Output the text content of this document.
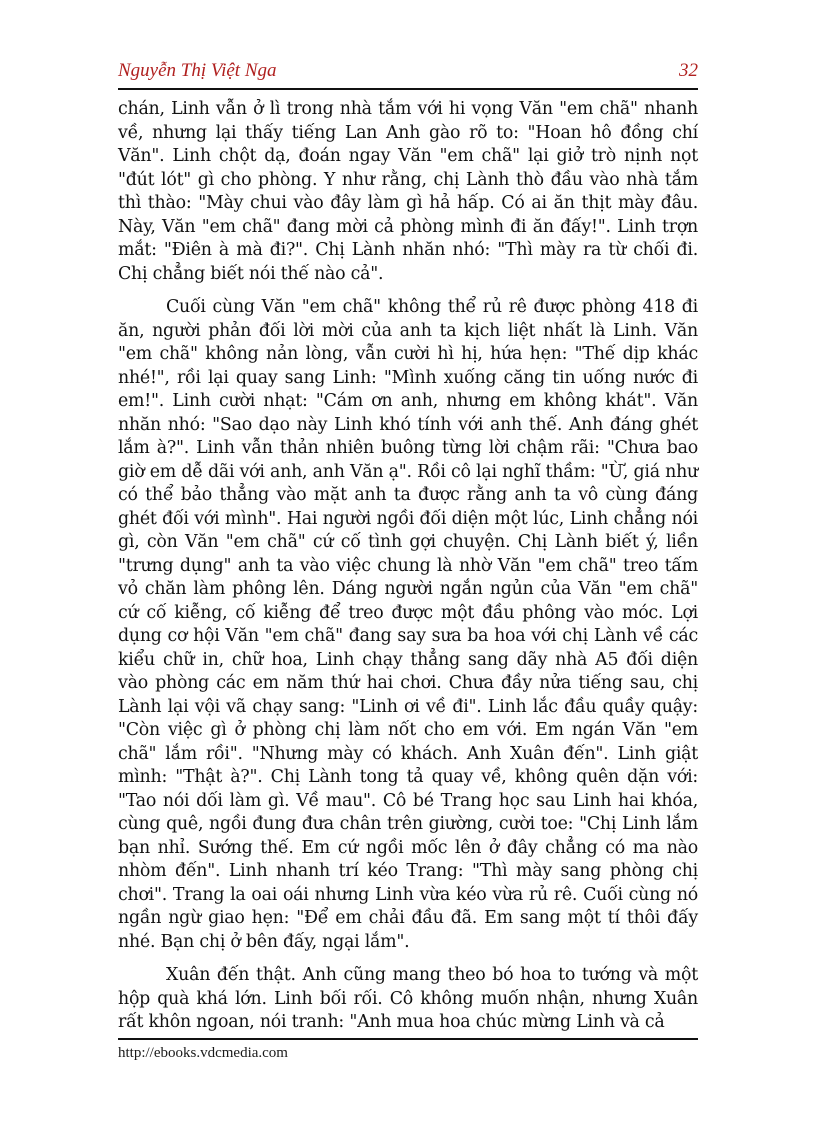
Nguyễn Thị Việt Nga	32

chán, Linh vẫn ở lì trong nhà tắm với hi vọng Văn "em chã" nhanh về, nhưng lại thấy tiếng Lan Anh gào rõ to: "Hoan hô đồng chí Văn". Linh chột dạ, đoán ngay Văn "em chã" lại giở trò nịnh nọt "đút lót" gì cho phòng. Y như rằng, chị Lành thò đầu vào nhà tắm thì thào: "Mày chui vào đây làm gì hả hấp. Có ai ăn thịt mày đâu. Này, Văn "em chã" đang mời cả phòng mình đi ăn đấy!". Linh trợn mắt: "Điên à mà đi?". Chị Lành nhăn nhó: "Thì mày ra từ chối đi. Chị chẳng biết nói thế nào cả".

Cuối cùng Văn "em chã" không thể rủ rê được phòng 418 đi ăn, người phản đối lời mời của anh ta kịch liệt nhất là Linh. Văn "em chã" không nản lòng, vẫn cười hì hị, hứa hẹn: "Thế dịp khác nhé!", rồi lại quay sang Linh: "Mình xuống căng tin uống nước đi em!". Linh cười nhạt: "Cám ơn anh, nhưng em không khát". Văn nhăn nhó: "Sao dạo này Linh khó tính với anh thế. Anh đáng ghét lắm à?". Linh vẫn thản nhiên buông từng lời chậm rãi: "Chưa bao giờ em dễ dãi với anh, anh Văn ạ". Rồi cô lại nghĩ thầm: "Ừ, giá như có thể bảo thẳng vào mặt anh ta được rằng anh ta vô cùng đáng ghét đối với mình". Hai người ngồi đối diện một lúc, Linh chẳng nói gì, còn Văn "em chã" cứ cố tình gợi chuyện. Chị Lành biết ý, liền "trưng dụng" anh ta vào việc chung là nhờ Văn "em chã" treo tấm vỏ chăn làm phông lên. Dáng người ngắn ngủn của Văn "em chã" cứ cố kiễng, cố kiễng để treo được một đầu phông vào móc. Lợi dụng cơ hội Văn "em chã" đang say sưa ba hoa với chị Lành về các kiểu chữ in, chữ hoa, Linh chạy thẳng sang dãy nhà A5 đối diện vào phòng các em năm thứ hai chơi. Chưa đầy nửa tiếng sau, chị Lành lại vội vã chạy sang: "Linh ơi về đi". Linh lắc đầu quầy quậy: "Còn việc gì ở phòng chị làm nốt cho em với. Em ngán Văn "em chã" lắm rồi". "Nhưng mày có khách. Anh Xuân đến". Linh giật mình: "Thật à?". Chị Lành tong tả quay về, không quên dặn với: "Tao nói dối làm gì. Về mau". Cô bé Trang học sau Linh hai khóa, cùng quê, ngồi đung đưa chân trên giường, cười toe: "Chị Linh lắm bạn nhỉ. Sướng thế. Em cứ ngồi mốc lên ở đây chẳng có ma nào nhòm đến". Linh nhanh trí kéo Trang: "Thì mày sang phòng chị chơi". Trang la oai oái nhưng Linh vừa kéo vừa rủ rê. Cuối cùng nó ngần ngừ giao hẹn: "Để em chải đầu đã. Em sang một tí thôi đấy nhé. Bạn chị ở bên đấy, ngại lắm".

Xuân đến thật. Anh cũng mang theo bó hoa to tướng và một hộp quà khá lớn. Linh bối rối. Cô không muốn nhận, nhưng Xuân rất khôn ngoan, nói tranh: "Anh mua hoa chúc mừng Linh và cả

http://ebooks.vdcmedia.com
